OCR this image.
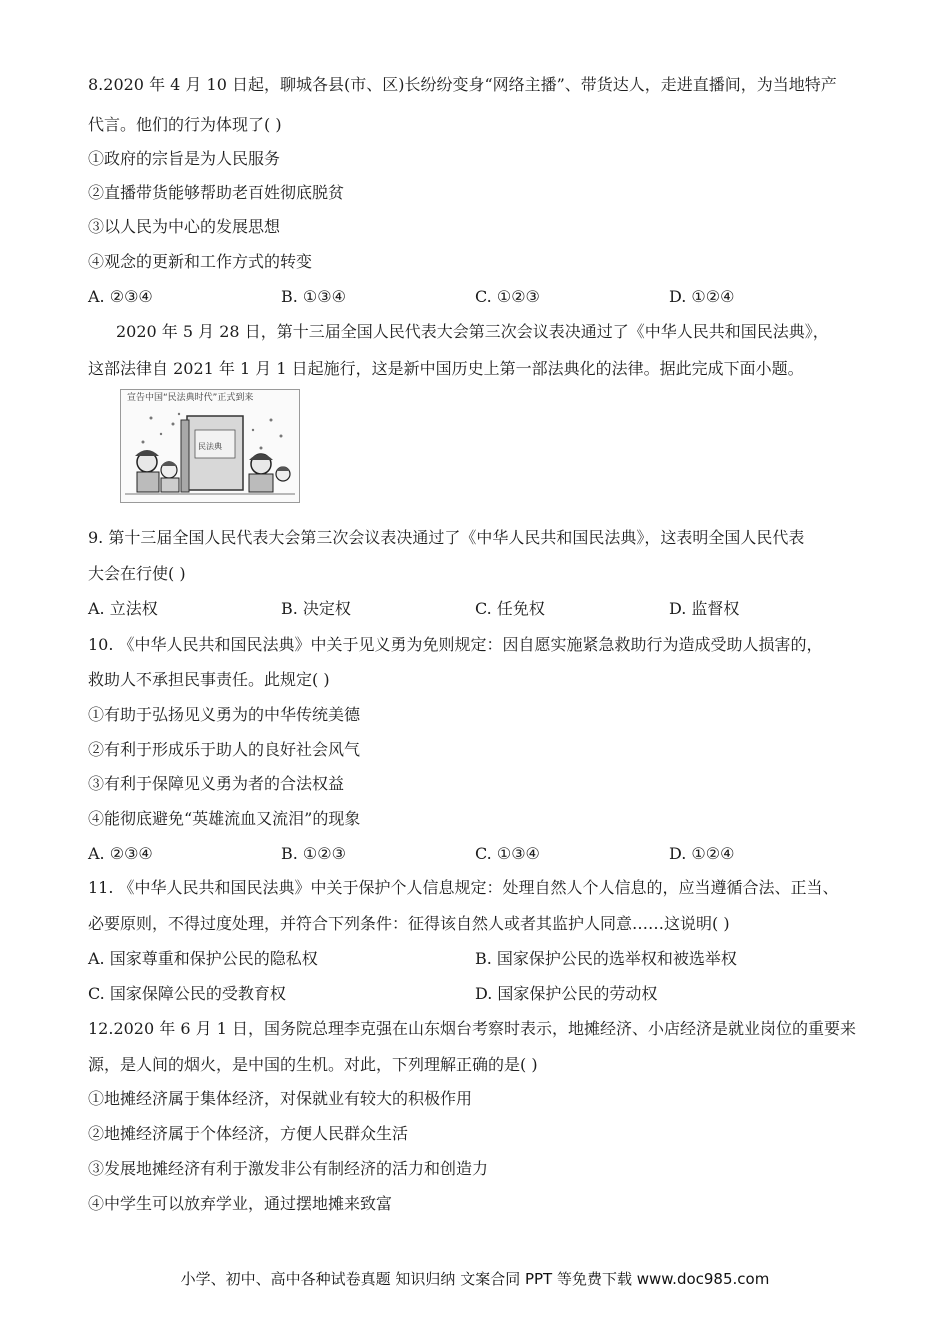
8.2020 年 4 月 10 日起，聊城各县(市、区)长纷纷变身“网络主播”、带货达人，走进直播间，为当地特产
代言。他们的行为体现了( )
①政府的宗旨是为人民服务
②直播带货能够帮助老百姓彻底脱贫
③以人民为中心的发展思想
④观念的更新和工作方式的转变
A. ②③④	B. ①③④	C. ①②③	D. ①②④
2020 年 5 月 28 日，第十三届全国人民代表大会第三次会议表决通过了《中华人民共和国民法典》，
这部法律自 2021 年 1 月 1 日起施行，这是新中国历史上第一部法典化的法律。据此完成下面小题。
宣告中国“民法典时代”正式到来
民法典
9. 第十三届全国人民代表大会第三次会议表决通过了《中华人民共和国民法典》，这表明全国人民代表
大会在行使( )
A. 立法权	B. 决定权	C. 任免权	D. 监督权
10. 《中华人民共和国民法典》中关于见义勇为免则规定：因自愿实施紧急救助行为造成受助人损害的，
救助人不承担民事责任。此规定( )
①有助于弘扬见义勇为的中华传统美德
②有利于形成乐于助人的良好社会风气
③有利于保障见义勇为者的合法权益
④能彻底避免“英雄流血又流泪”的现象
A. ②③④	B. ①②③	C. ①③④	D. ①②④
11. 《中华人民共和国民法典》中关于保护个人信息规定：处理自然人个人信息的，应当遵循合法、正当、
必要原则，不得过度处理，并符合下列条件：征得该自然人或者其监护人同意……这说明( )
A. 国家尊重和保护公民的隐私权	B. 国家保护公民的选举权和被选举权
C. 国家保障公民的受教育权	D. 国家保护公民的劳动权
12.2020 年 6 月 1 日，国务院总理李克强在山东烟台考察时表示，地摊经济、小店经济是就业岗位的重要来
源，是人间的烟火，是中国的生机。对此，下列理解正确的是( )
①地摊经济属于集体经济，对保就业有较大的积极作用
②地摊经济属于个体经济，方便人民群众生活
③发展地摊经济有利于激发非公有制经济的活力和创造力
④中学生可以放弃学业，通过摆地摊来致富
小学、初中、高中各种试卷真题 知识归纳 文案合同 PPT 等免费下载 www.doc985.com
